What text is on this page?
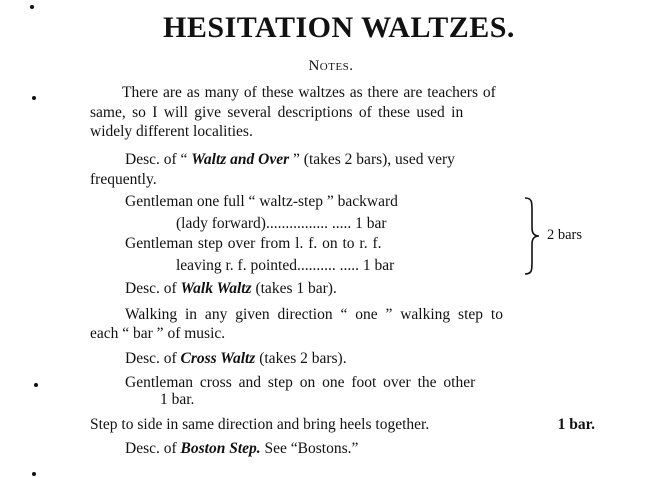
HESITATION WALTZES.
Notes.
There are as many of these waltzes as there are teachers of
same, so I will give several descriptions of these used in
widely different localities.
Desc. of “ Waltz and Over ” (takes 2 bars), used very
frequently.
Gentleman one full “ waltz-step ” backward
(lady forward)................ ..... 1 bar
Gentleman step over from l. f. on to r. f.
leaving r. f. pointed.......... ..... 1 bar
2 bars
Desc. of Walk Waltz (takes 1 bar).
Walking in any given direction “ one ” walking step to
each “ bar ” of music.
Desc. of Cross Waltz (takes 2 bars).
Gentleman cross and step on one foot over the other
1 bar.
Step to side in same direction and bring heels together.	1 bar.
Desc. of Boston Step. See “Bostons.”
